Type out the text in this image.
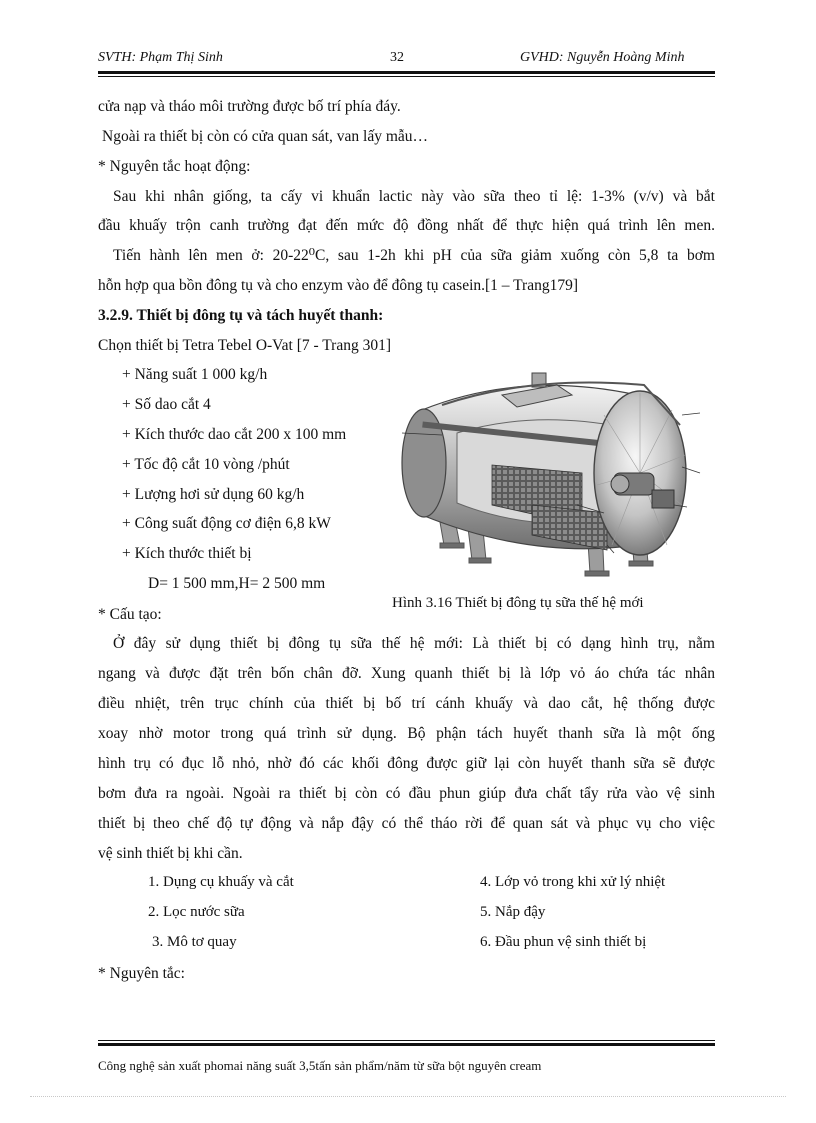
SVTH: Phạm Thị Sinh	32	GVHD: Nguyễn Hoàng Minh
cửa nạp và tháo môi trường được bố trí phía đáy.
Ngoài ra thiết bị còn có cửa quan sát, van lấy mẫu…
* Nguyên tắc hoạt động:
Sau khi nhân giống, ta cấy vi khuẩn lactic này vào sữa theo tỉ lệ: 1-3% (v/v) và bắt
đầu khuấy trộn canh trường đạt đến mức độ đồng nhất để thực hiện quá trình lên men.
Tiến hành lên men ở: 20-22⁰C, sau 1-2h khi pH của sữa giảm xuống còn 5,8 ta bơm
hỗn hợp qua bồn đông tụ và cho enzym vào để đông tụ casein.[1 – Trang179]
3.2.9. Thiết bị đông tụ và tách huyết thanh:
Chọn thiết bị Tetra Tebel O-Vat [7 - Trang 301]
+ Năng suất 1 000 kg/h
+ Số dao cắt 4
+ Kích thước dao cắt 200 x 100 mm
+ Tốc độ cắt 10 vòng /phút
+ Lượng hơi sử dụng 60 kg/h
+ Công suất động cơ điện 6,8 kW
+ Kích thước thiết bị
D= 1 500 mm,H= 2 500 mm
Hình 3.16 Thiết bị đông tụ sữa thế hệ mới
* Cấu tạo:
Ở đây sử dụng thiết bị đông tụ sữa thế hệ mới: Là thiết bị có dạng hình trụ, nằm
ngang và được đặt trên bốn chân đỡ. Xung quanh thiết bị là lớp vỏ áo chứa tác nhân
điều nhiệt, trên trục chính của thiết bị bố trí cánh khuấy và dao cắt, hệ thống được
xoay nhờ motor trong quá trình sử dụng. Bộ phận tách huyết thanh sữa là một ống
hình trụ có đục lỗ nhỏ, nhờ đó các khối đông được giữ lại còn huyết thanh sữa sẽ được
bơm đưa ra ngoài. Ngoài ra thiết bị còn có đầu phun giúp đưa chất tẩy rửa vào vệ sinh
thiết bị theo chế độ tự động và nắp đậy có thể tháo rời để quan sát và phục vụ cho việc
vệ sinh thiết bị khi cần.
1. Dụng cụ khuấy và cắt
2. Lọc nước sữa
3. Mô tơ quay
4. Lớp vỏ trong khi xử lý nhiệt
5. Nắp đậy
6. Đầu phun vệ sinh thiết bị
* Nguyên tắc:
Công nghệ sản xuất phomai năng suất 3,5tấn sản phẩm/năm từ sữa bột nguyên cream
